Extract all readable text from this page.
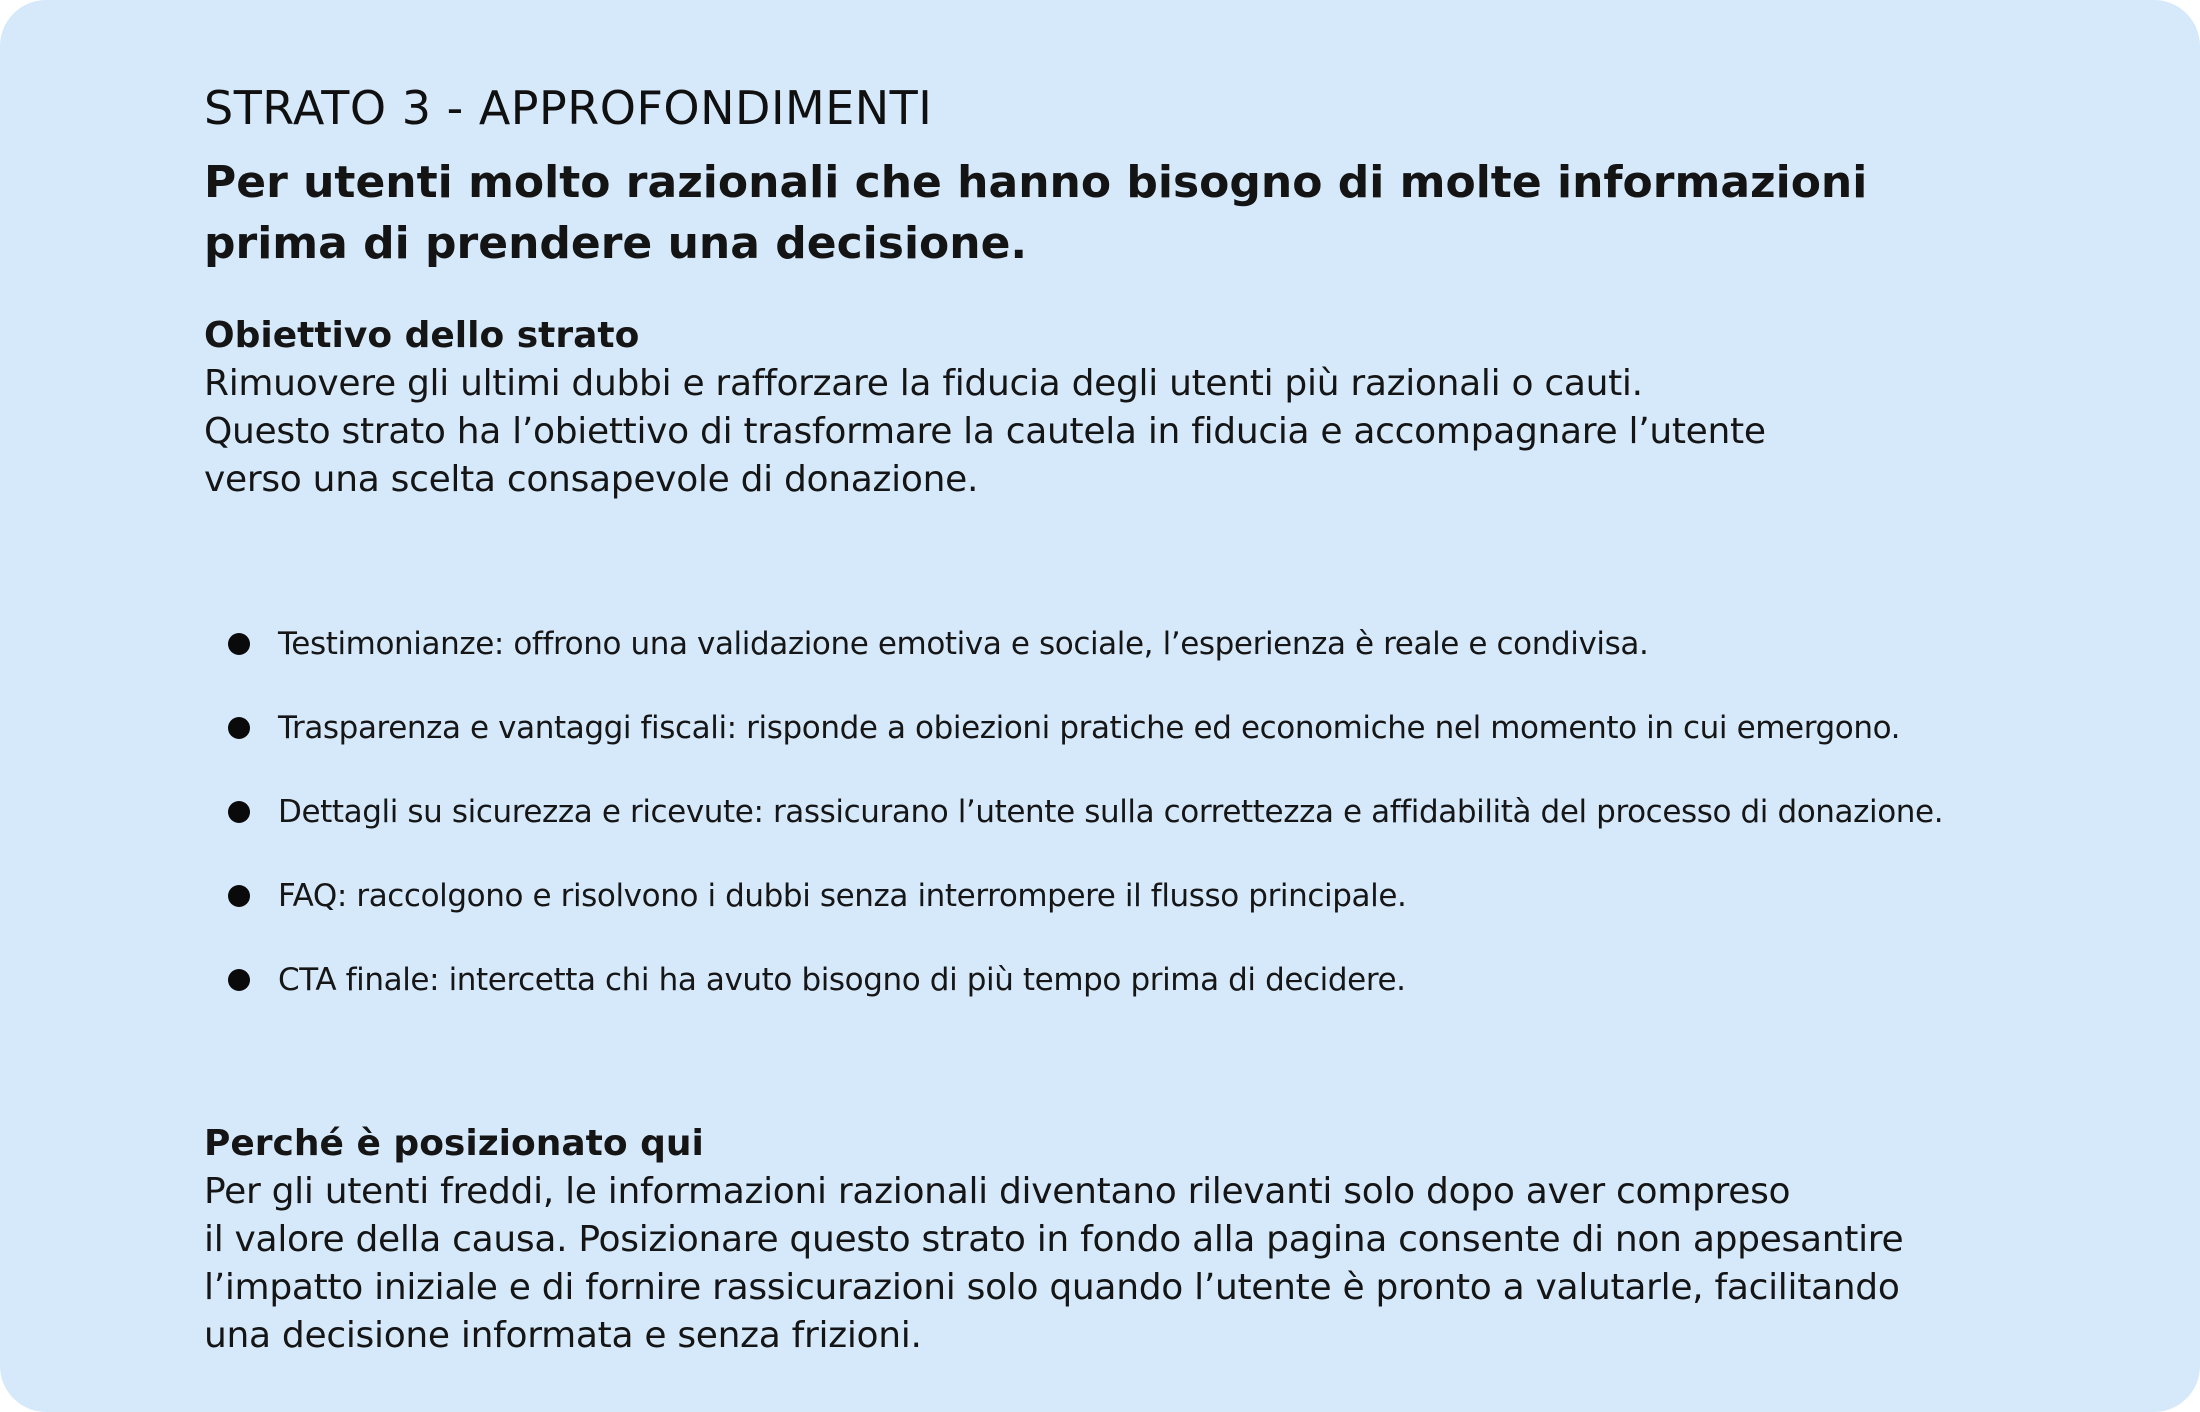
STRATO 3 - APPROFONDIMENTI
Per utenti molto razionali che hanno bisogno di molte informazioni
prima di prendere una decisione.

Obiettivo dello strato

Rimuovere gli ultimi dubbi e rafforzare la fiducia degli utenti più razionali o cauti.
Questo strato ha l’obiettivo di trasformare la cautela in fiducia e accompagnare l’utente
verso una scelta consapevole di donazione.

Testimonianze: offrono una validazione emotiva e sociale, l’esperienza è reale e condivisa.
Trasparenza e vantaggi fiscali: risponde a obiezioni pratiche ed economiche nel momento in cui emergono.
Dettagli su sicurezza e ricevute: rassicurano l’utente sulla correttezza e affidabilità del processo di donazione.
FAQ: raccolgono e risolvono i dubbi senza interrompere il flusso principale.
CTA finale: intercetta chi ha avuto bisogno di più tempo prima di decidere.

Perché è posizionato qui

Per gli utenti freddi, le informazioni razionali diventano rilevanti solo dopo aver compreso
il valore della causa. Posizionare questo strato in fondo alla pagina consente di non appesantire
l’impatto iniziale e di fornire rassicurazioni solo quando l’utente è pronto a valutarle, facilitando
una decisione informata e senza frizioni.
